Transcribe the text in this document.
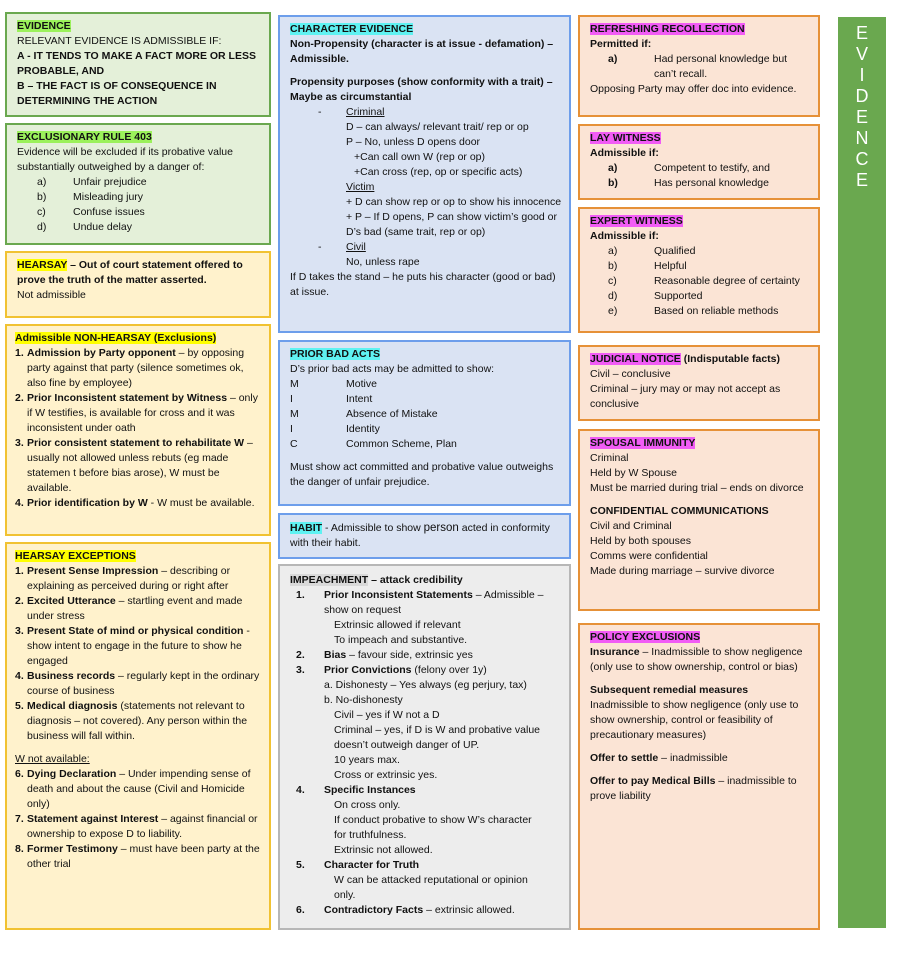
EVIDENCE
RELEVANT EVIDENCE IS ADMISSIBLE IF:
A - IT TENDS TO MAKE A FACT MORE OR LESS PROBABLE, AND
B – THE FACT IS OF CONSEQUENCE IN DETERMINING THE ACTION
EXCLUSIONARY RULE 403
Evidence will be excluded if its probative value substantially outweighed by a danger of:
a)	Unfair prejudice
b)	Misleading jury
c)	Confuse issues
d)	Undue delay
HEARSAY – Out of court statement offered to prove the truth of the matter asserted.
Not admissible
Admissible NON-HEARSAY (Exclusions)
1. Admission by Party opponent – by opposing party against that party (silence sometimes ok, also fine by employee)
2. Prior Inconsistent statement by Witness – only if W testifies, is available for cross and it was inconsistent under oath
3. Prior consistent statement to rehabilitate W – usually not allowed unless rebuts (eg made statemen t before bias arose), W must be available.
4. Prior identification by W - W must be available.
HEARSAY EXCEPTIONS
1. Present Sense Impression – describing or explaining as perceived during or right after
2. Excited Utterance – startling event and made under stress
3. Present State of mind or physical condition - show intent to engage in the future to show he engaged
4. Business records – regularly kept in the ordinary course of business
5. Medical diagnosis (statements not relevant to diagnosis – not covered). Any person within the business will fall within.
W not available:
6. Dying Declaration – Under impending sense of death and about the cause (Civil and Homicide only)
7. Statement against Interest – against financial or ownership to expose D to liability.
8. Former Testimony – must have been party at the other trial
CHARACTER EVIDENCE
Non-Propensity (character is at issue - defamation) – Admissible.
Propensity purposes (show conformity with a trait) – Maybe as circumstantial
-	Criminal
D – can always/ relevant trait/ rep or op
P – No, unless D opens door
+Can call own W (rep or op)
+Can cross (rep, op or specific acts)
Victim
+ D can show rep or op to show his innocence
+ P – If D opens, P can show victim’s good or D’s bad (same trait, rep or op)
-	Civil
No, unless rape
If D takes the stand – he puts his character (good or bad) at issue.
PRIOR BAD ACTS
D’s prior bad acts may be admitted to show:
M	Motive
I	Intent
M	Absence of Mistake
I	Identity
C	Common Scheme, Plan
Must show act committed and probative value outweighs the danger of unfair prejudice.
HABIT - Admissible to show person acted in conformity with their habit.
IMPEACHMENT – attack credibility
1.	Prior Inconsistent Statements – Admissible – show on request
Extrinsic allowed if relevant
To impeach and substantive.
2.	Bias – favour side, extrinsic yes
3.	Prior Convictions (felony over 1y)
a. Dishonesty – Yes always (eg perjury, tax)
b. No-dishonesty
Civil – yes if W not a D
Criminal – yes, if D is W and probative value doesn’t outweigh danger of UP.
10 years max.
Cross or extrinsic yes.
4.	Specific Instances
On cross only.
If conduct probative to show W’s character for truthfulness.
Extrinsic not allowed.
5.	Character for Truth
W can be attacked reputational or opinion only.
6.	Contradictory Facts – extrinsic allowed.
REFRESHING RECOLLECTION
Permitted if:
a)	Had personal knowledge but can’t recall.
Opposing Party may offer doc into evidence.
LAY WITNESS
Admissible if:
a)	Competent to testify, and
b)	Has personal knowledge
EXPERT WITNESS
Admissible if:
a)	Qualified
b)	Helpful
c)	Reasonable degree of certainty
d)	Supported
e)	Based on reliable methods
JUDICIAL NOTICE (Indisputable facts)
Civil – conclusive
Criminal – jury may or may not accept as conclusive
SPOUSAL IMMUNITY
Criminal
Held by W Spouse
Must be married during trial – ends on divorce
CONFIDENTIAL COMMUNICATIONS
Civil and Criminal
Held by both spouses
Comms were confidential
Made during marriage – survive divorce
POLICY EXCLUSIONS
Insurance – Inadmissible to show negligence (only use to show ownership, control or bias)
Subsequent remedial measures
Inadmissible to show negligence (only use to show ownership, control or feasibility of precautionary measures)
Offer to settle – inadmissible
Offer to pay Medical Bills – inadmissible to prove liability
E
V
I
D
E
N
C
E
